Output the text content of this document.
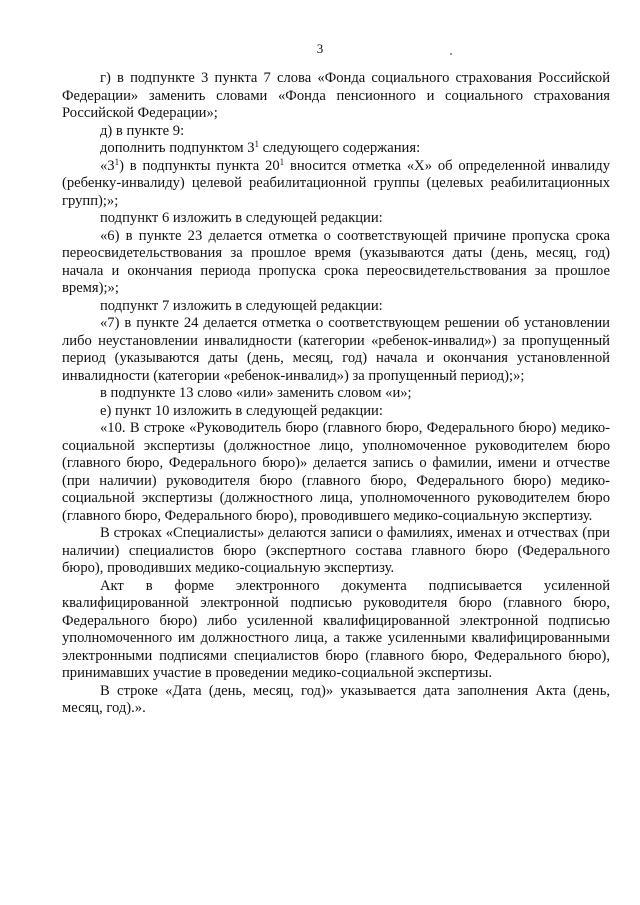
3

г) в подпункте 3 пункта 7 слова «Фонда социального страхования Российской Федерации» заменить словами «Фонда пенсионного и социального страхования Российской Федерации»;

д) в пункте 9:

дополнить подпунктом $3^1$ следующего содержания:

«$3^1$) в подпункты пункта $20^1$ вносится отметка «X» об определенной инвалиду (ребенку-инвалиду) целевой реабилитационной группы (целевых реабилитационных групп);»;

подпункт 6 изложить в следующей редакции:

«6) в пункте 23 делается отметка о соответствующей причине пропуска срока переосвидетельствования за прошлое время (указываются даты (день, месяц, год) начала и окончания периода пропуска срока переосвидетельствования за прошлое время);»;

подпункт 7 изложить в следующей редакции:

«7) в пункте 24 делается отметка о соответствующем решении об установлении либо неустановлении инвалидности (категории «ребенок-инвалид») за пропущенный период (указываются даты (день, месяц, год) начала и окончания установленной инвалидности (категории «ребенок-инвалид») за пропущенный период);»;

в подпункте 13 слово «или» заменить словом «и»;

е) пункт 10 изложить в следующей редакции:

«10. В строке «Руководитель бюро (главного бюро, Федерального бюро) медико-социальной экспертизы (должностное лицо, уполномоченное руководителем бюро (главного бюро, Федерального бюро)» делается запись о фамилии, имени и отчестве (при наличии) руководителя бюро (главного бюро, Федерального бюро) медико-социальной экспертизы (должностного лица, уполномоченного руководителем бюро (главного бюро, Федерального бюро), проводившего медико-социальную экспертизу.

В строках «Специалисты» делаются записи о фамилиях, именах и отчествах (при наличии) специалистов бюро (экспертного состава главного бюро (Федерального бюро), проводивших медико-социальную экспертизу.

Акт в форме электронного документа подписывается усиленной квалифицированной электронной подписью руководителя бюро (главного бюро, Федерального бюро) либо усиленной квалифицированной электронной подписью уполномоченного им должностного лица, а также усиленными квалифицированными электронными подписями специалистов бюро (главного бюро, Федерального бюро), принимавших участие в проведении медико-социальной экспертизы.

В строке «Дата (день, месяц, год)» указывается дата заполнения Акта (день, месяц, год).».
